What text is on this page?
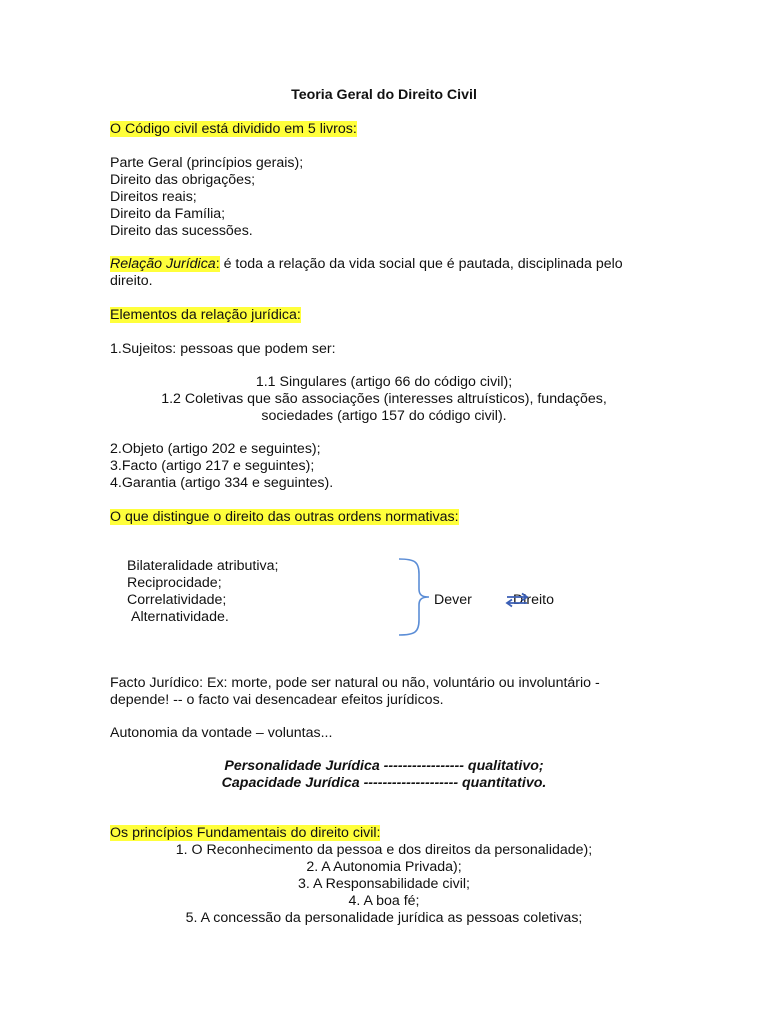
Teoria Geral do Direito Civil
O Código civil está dividido em 5 livros:
Parte Geral (princípios gerais);
Direito das obrigações;
Direitos reais;
Direito da Família;
Direito das sucessões.
Relação Jurídica: é toda a relação da vida social que é pautada, disciplinada pelo
direito.
Elementos da relação jurídica:
1.Sujeitos: pessoas que podem ser:
1.1 Singulares (artigo 66 do código civil);
1.2 Coletivas que são associações (interesses altruísticos), fundações,
sociedades (artigo 157 do código civil).
2.Objeto (artigo 202 e seguintes);
3.Facto (artigo 217 e seguintes);
4.Garantia (artigo 334 e seguintes).
O que distingue o direito das outras ordens normativas:
Bilateralidade atributiva;
Reciprocidade;
Correlatividade;
Alternatividade.
Dever	Direito
Facto Jurídico: Ex: morte, pode ser natural ou não, voluntário ou involuntário -
depende! -- o facto vai desencadear efeitos jurídicos.
Autonomia da vontade – voluntas...
Personalidade Jurídica ----------------- qualitativo;
Capacidade Jurídica -------------------- quantitativo.
Os princípios Fundamentais do direito civil:
1. O Reconhecimento da pessoa e dos direitos da personalidade);
2. A Autonomia Privada);
3. A Responsabilidade civil;
4. A boa fé;
5. A concessão da personalidade jurídica as pessoas coletivas;
